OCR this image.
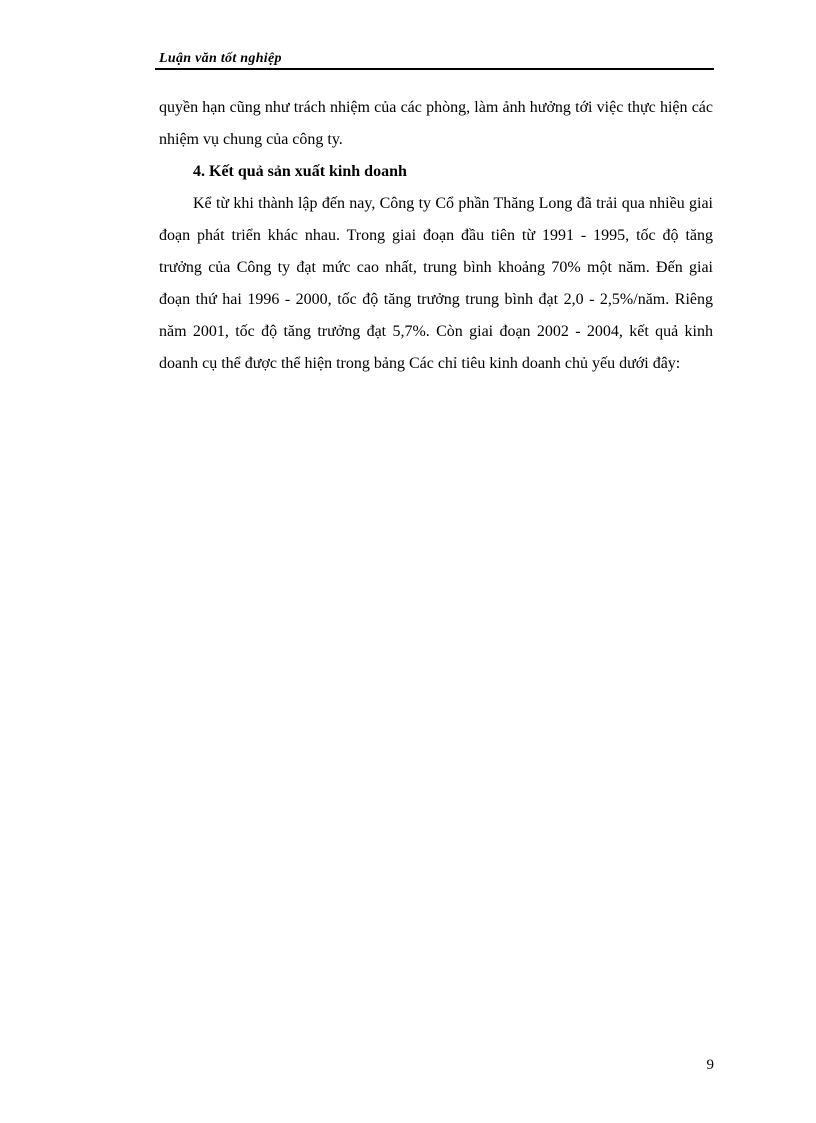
Luận văn tốt nghiệp

quyền hạn cũng như trách nhiệm của các phòng, làm ảnh hưởng tới việc thực hiện các nhiệm vụ chung của công ty.

4. Kết quả sản xuất kinh doanh

Kể từ khi thành lập đến nay, Công ty Cổ phần Thăng Long đã trải qua nhiều giai đoạn phát triển khác nhau. Trong giai đoạn đầu tiên từ 1991 - 1995, tốc độ tăng trưởng của Công ty đạt mức cao nhất, trung bình khoảng 70% một năm. Đến giai đoạn thứ hai 1996 - 2000, tốc độ tăng trưởng trung bình đạt 2,0 - 2,5%/năm. Riêng năm 2001, tốc độ tăng trưởng đạt 5,7%. Còn giai đoạn 2002 - 2004, kết quả kinh doanh cụ thể được thể hiện trong bảng Các chỉ tiêu kinh doanh chủ yếu dưới đây:

9
